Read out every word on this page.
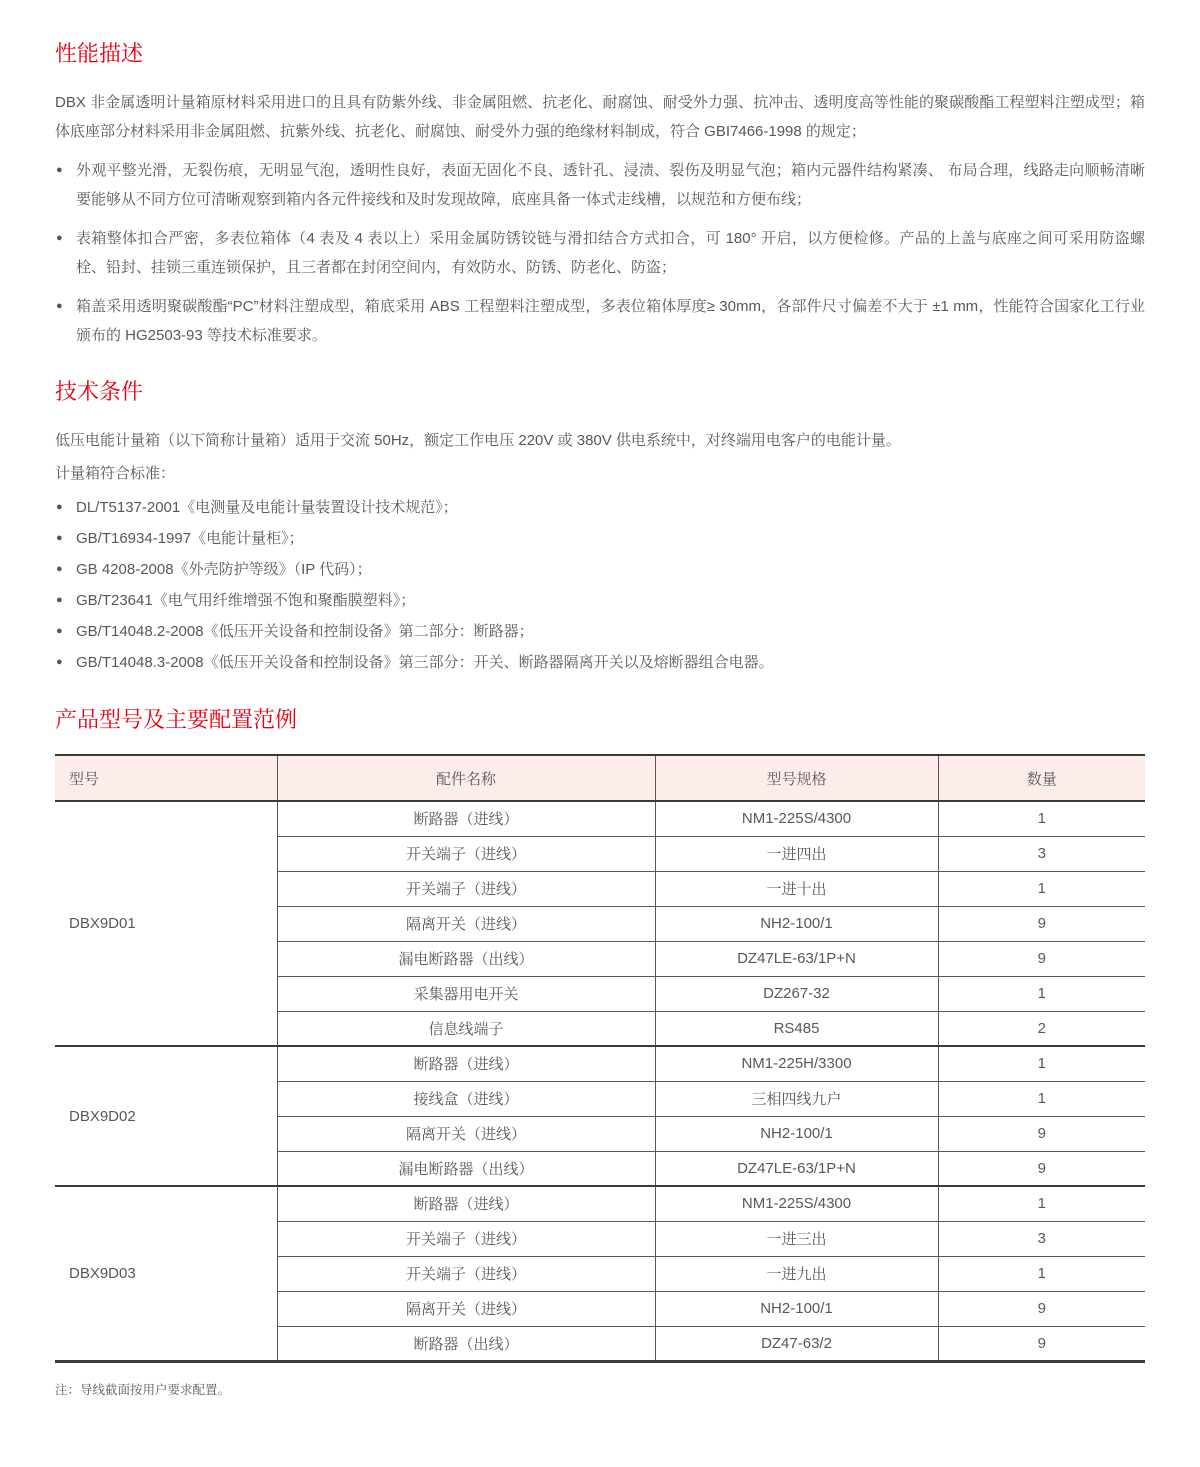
性能描述

DBX 非金属透明计量箱原材料采用进口的且具有防紫外线、非金属阻燃、抗老化、耐腐蚀、耐受外力强、抗冲击、透明度高等性能的聚碳酸酯工程塑料注塑成型；箱体底座部分材料采用非金属阻燃、抗紫外线、抗老化、耐腐蚀、耐受外力强的绝缘材料制成，符合 GBI7466-1998 的规定；

● 外观平整光滑，无裂伤痕，无明显气泡，透明性良好，表面无固化不良、透针孔、浸渍、裂伤及明显气泡；箱内元器件结构紧凑、 布局合理，线路走向顺畅清晰要能够从不同方位可清晰观察到箱内各元件接线和及时发现故障，底座具备一体式走线槽，以规范和方便布线；
● 表箱整体扣合严密，多表位箱体（4 表及 4 表以上）采用金属防锈铰链与滑扣结合方式扣合，可 180° 开启，以方便检修。产品的上盖与底座之间可采用防盗螺栓、铅封、挂锁三重连锁保护，且三者都在封闭空间内，有效防水、防锈、防老化、防盗；
● 箱盖采用透明聚碳酸酯“PC”材料注塑成型，箱底采用 ABS 工程塑料注塑成型，多表位箱体厚度≥ 30mm，各部件尺寸偏差不大于 ±1 mm，性能符合国家化工行业颁布的 HG2503-93 等技术标准要求。
技术条件

低压电能计量箱（以下简称计量箱）适用于交流 50Hz，额定工作电压 220V 或 380V 供电系统中，对终端用电客户的电能计量。

计量箱符合标准：

● DL/T5137-2001《电测量及电能计量装置设计技术规范》；
● GB/T16934-1997《电能计量柜》；
● GB 4208-2008《外壳防护等级》（IP 代码）；
● GB/T23641《电气用纤维增强不饱和聚酯膜塑料》；
● GB/T14048.2-2008《低压开关设备和控制设备》第二部分：断路器；
● GB/T14048.3-2008《低压开关设备和控制设备》第三部分：开关、断路器隔离开关以及熔断器组合电器。
产品型号及主要配置范例
型号	配件名称	型号规格	数量
DBX9D01	断路器（进线）	NM1-225S/4300	1
	开关端子（进线）	一进四出	3
	开关端子（进线）	一进十出	1
	隔离开关（进线）	NH2-100/1	9
	漏电断路器（出线）	DZ47LE-63/1P+N	9
	采集器用电开关	DZ267-32	1
	信息线端子	RS485	2
DBX9D02	断路器（进线）	NM1-225H/3300	1
	接线盒（进线）	三相四线九户	1
	隔离开关（进线）	NH2-100/1	9
	漏电断路器（出线）	DZ47LE-63/1P+N	9
DBX9D03	断路器（进线）	NM1-225S/4300	1
	开关端子（进线）	一进三出	3
	开关端子（进线）	一进九出	1
	隔离开关（进线）	NH2-100/1	9
	断路器（出线）	DZ47-63/2	9

注：导线截面按用户要求配置。
